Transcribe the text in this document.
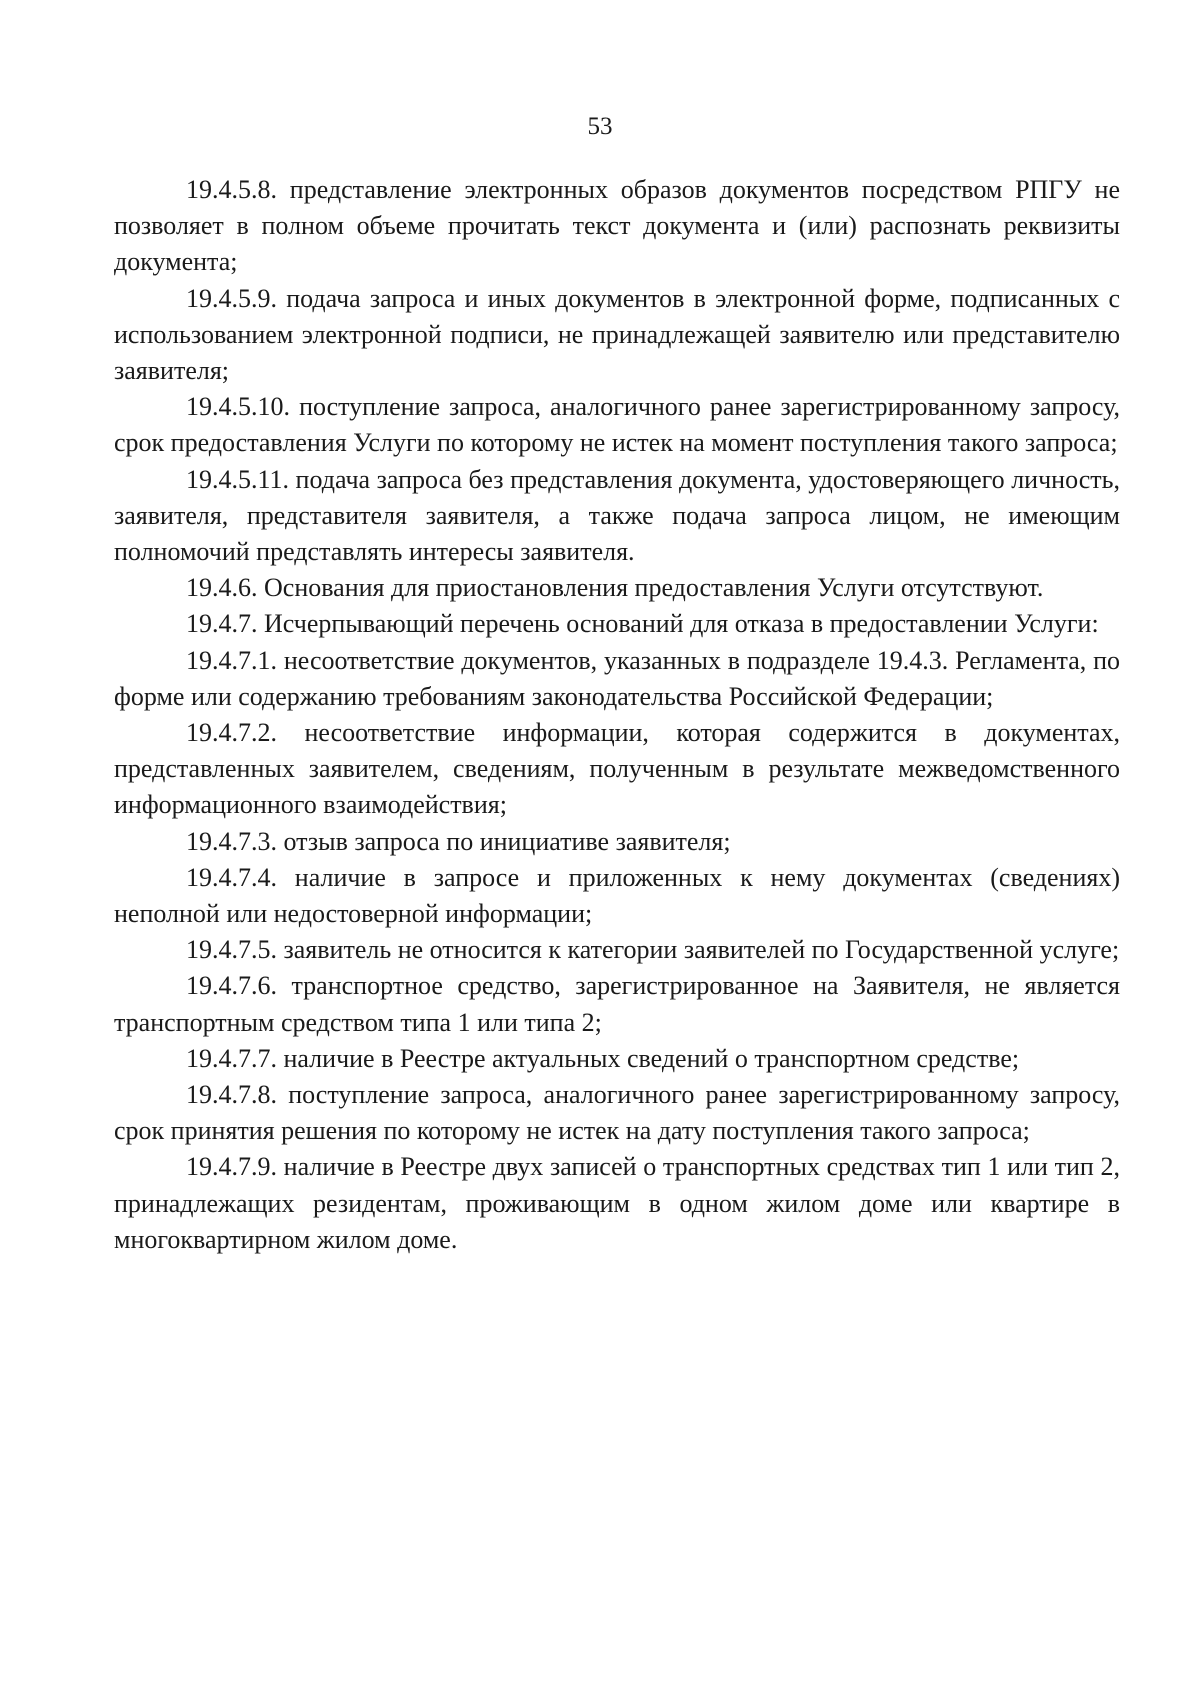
53

19.4.5.8. представление электронных образов документов посредством РПГУ не позволяет в полном объеме прочитать текст документа и (или) распознать реквизиты документа;

19.4.5.9. подача запроса и иных документов в электронной форме, подписанных с использованием электронной подписи, не принадлежащей заявителю или представителю заявителя;

19.4.5.10. поступление запроса, аналогичного ранее зарегистрированному запросу, срок предоставления Услуги по которому не истек на момент поступления такого запроса;

19.4.5.11. подача запроса без представления документа, удостоверяющего личность, заявителя, представителя заявителя, а также подача запроса лицом, не имеющим полномочий представлять интересы заявителя.

19.4.6. Основания для приостановления предоставления Услуги отсутствуют.

19.4.7. Исчерпывающий перечень оснований для отказа в предоставлении Услуги:

19.4.7.1. несоответствие документов, указанных в подразделе 19.4.3. Регламента, по форме или содержанию требованиям законодательства Российской Федерации;

19.4.7.2. несоответствие информации, которая содержится в документах, представленных заявителем, сведениям, полученным в результате межведомственного информационного взаимодействия;

19.4.7.3. отзыв запроса по инициативе заявителя;

19.4.7.4. наличие в запросе и приложенных к нему документах (сведениях) неполной или недостоверной информации;

19.4.7.5. заявитель не относится к категории заявителей по Государственной услуге;

19.4.7.6. транспортное средство, зарегистрированное на Заявителя, не является транспортным средством типа 1 или типа 2;

19.4.7.7. наличие в Реестре актуальных сведений о транспортном средстве;

19.4.7.8. поступление запроса, аналогичного ранее зарегистрированному запросу, срок принятия решения по которому не истек на дату поступления такого запроса;

19.4.7.9. наличие в Реестре двух записей о транспортных средствах тип 1 или тип 2, принадлежащих резидентам, проживающим в одном жилом доме или квартире в многоквартирном жилом доме.
